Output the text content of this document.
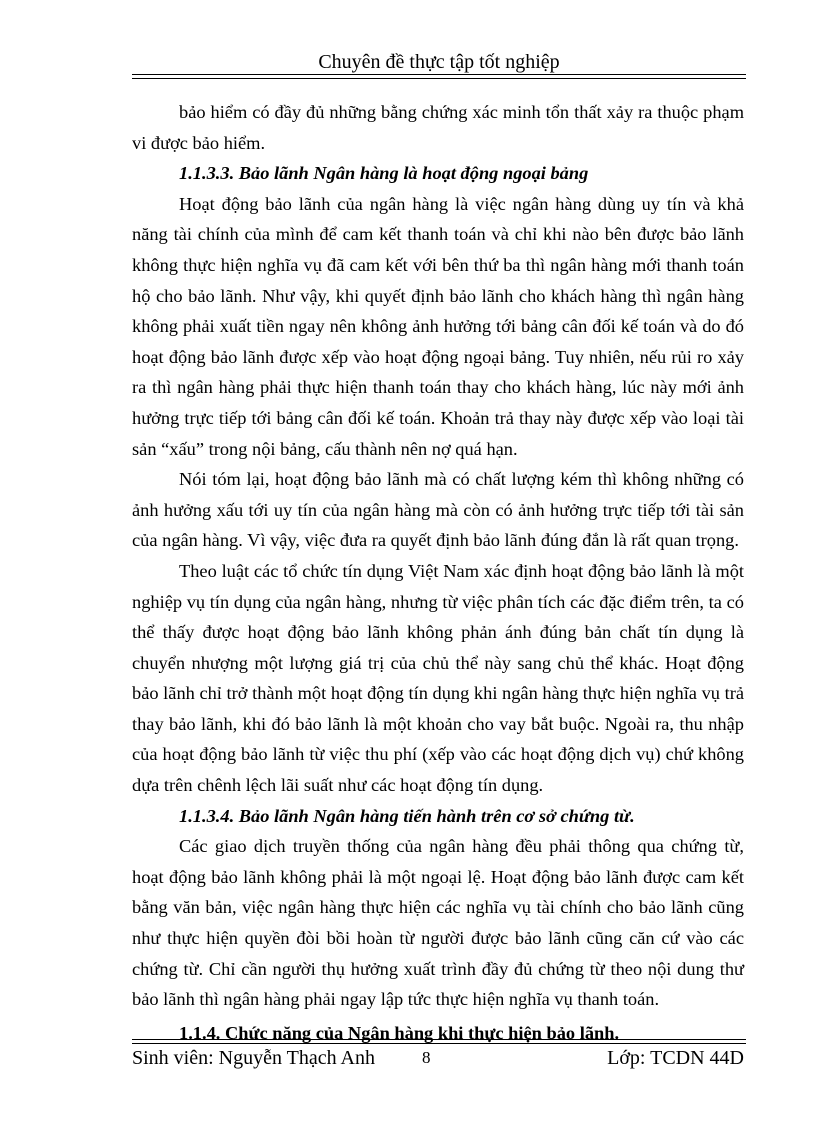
Chuyên đề thực tập tốt nghiệp

bảo hiểm có đầy đủ những bằng chứng xác minh tổn thất xảy ra thuộc phạm vi được bảo hiểm.

1.1.3.3. Bảo lãnh Ngân hàng là hoạt động ngoại bảng

Hoạt động bảo lãnh của ngân hàng là việc ngân hàng dùng uy tín và khả năng tài chính của mình để cam kết thanh toán và chỉ khi nào bên được bảo lãnh không thực hiện nghĩa vụ đã cam kết với bên thứ ba thì ngân hàng mới thanh toán hộ cho bảo lãnh. Như vậy, khi quyết định bảo lãnh cho khách hàng thì ngân hàng không phải xuất tiền ngay nên không ảnh hưởng tới bảng cân đối kế toán và do đó hoạt động bảo lãnh được xếp vào hoạt động ngoại bảng. Tuy nhiên, nếu rủi ro xảy ra thì ngân hàng phải thực hiện thanh toán thay cho khách hàng, lúc này mới ảnh hưởng trực tiếp tới bảng cân đối kế toán. Khoản trả thay này được xếp vào loại tài sản “xấu” trong nội bảng, cấu thành nên nợ quá hạn.

Nói tóm lại, hoạt động bảo lãnh mà có chất lượng kém thì không những có ảnh hưởng xấu tới uy tín của ngân hàng mà còn có ảnh hưởng trực tiếp tới tài sản của ngân hàng. Vì vậy, việc đưa ra quyết định bảo lãnh đúng đắn là rất quan trọng.

Theo luật các tổ chức tín dụng Việt Nam xác định hoạt động bảo lãnh là một nghiệp vụ tín dụng của ngân hàng, nhưng từ việc phân tích các đặc điểm trên, ta có thể thấy được hoạt động bảo lãnh không phản ánh đúng bản chất tín dụng là chuyển nhượng một lượng giá trị của chủ thể này sang chủ thể khác. Hoạt động bảo lãnh chỉ trở thành một hoạt động tín dụng khi ngân hàng thực hiện nghĩa vụ trả thay bảo lãnh, khi đó bảo lãnh là một khoản cho vay bắt buộc. Ngoài ra, thu nhập của hoạt động bảo lãnh từ việc thu phí (xếp vào các hoạt động dịch vụ) chứ không dựa trên chênh lệch lãi suất như các hoạt động tín dụng.

1.1.3.4. Bảo lãnh Ngân hàng tiến hành trên cơ sở chứng từ.

Các giao dịch truyền thống của ngân hàng đều phải thông qua chứng từ, hoạt động bảo lãnh không phải là một ngoại lệ. Hoạt động bảo lãnh được cam kết bằng văn bản, việc ngân hàng thực hiện các nghĩa vụ tài chính cho bảo lãnh cũng như thực hiện quyền đòi bồi hoàn từ người được bảo lãnh cũng căn cứ vào các chứng từ. Chỉ cần người thụ hưởng xuất trình đầy đủ chứng từ theo nội dung thư bảo lãnh thì ngân hàng phải ngay lập tức thực hiện nghĩa vụ thanh toán.

1.1.4. Chức năng của Ngân hàng khi thực hiện bảo lãnh.

Sinh viên: Nguyễn Thạch Anh	8	Lớp: TCDN 44D
